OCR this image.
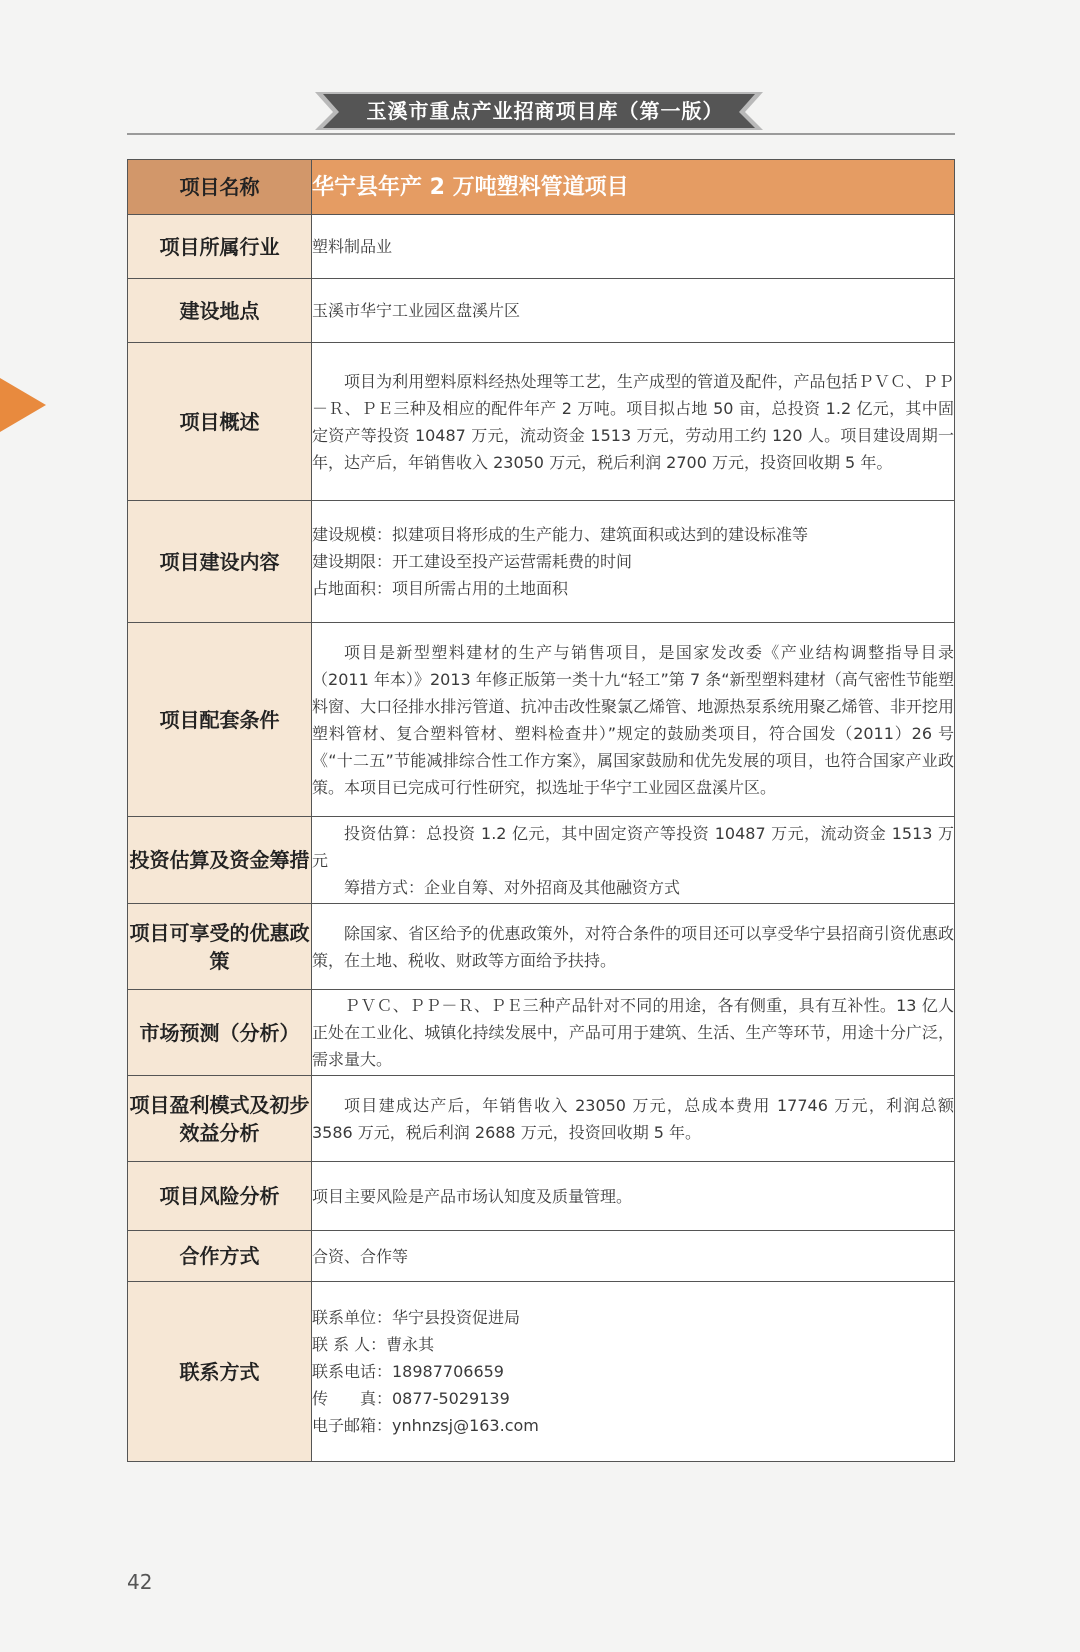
玉溪市重点产业招商项目库（第一版）
项目名称	华宁县年产 2 万吨塑料管道项目
项目所属行业	塑料制品业
建设地点	玉溪市华宁工业园区盘溪片区
项目概述	项目为利用塑料原料经热处理等工艺，生产成型的管道及配件，产品包括ＰＶＣ、ＰＰ－Ｒ、ＰＥ三种及相应的配件年产 2 万吨。项目拟占地 50 亩，总投资 1.2 亿元，其中固定资产等投资 10487 万元，流动资金 1513 万元，劳动用工约 120 人。项目建设周期一年，达产后，年销售收入 23050 万元，税后利润 2700 万元，投资回收期 5 年。
项目建设内容	建设规模：拟建项目将形成的生产能力、建筑面积或达到的建设标准等
建设期限：开工建设至投产运营需耗费的时间
占地面积：项目所需占用的土地面积

项目配套条件	项目是新型塑料建材的生产与销售项目，是国家发改委《产业结构调整指导目录（2011 年本）》2013 年修正版第一类十九“轻工”第 7 条“新型塑料建材（高气密性节能塑料窗、大口径排水排污管道、抗冲击改性聚氯乙烯管、地源热泵系统用聚乙烯管、非开挖用塑料管材、复合塑料管材、塑料检查井）”规定的鼓励类项目，符合国发（2011）26 号《“十二五”节能减排综合性工作方案》，属国家鼓励和优先发展的项目，也符合国家产业政策。本项目已完成可行性研究，拟选址于华宁工业园区盘溪片区。
投资估算及资金筹措	投资估算：总投资 1.2 亿元，其中固定资产等投资 10487 万元，流动资金 1513 万元
筹措方式：企业自筹、对外招商及其他融资方式

项目可享受的优惠政策	除国家、省区给予的优惠政策外，对符合条件的项目还可以享受华宁县招商引资优惠政策，在土地、税收、财政等方面给予扶持。
市场预测（分析）	ＰＶＣ、ＰＰ－Ｒ、ＰＥ三种产品针对不同的用途，各有侧重，具有互补性。13 亿人正处在工业化、城镇化持续发展中，产品可用于建筑、生活、生产等环节，用途十分广泛，需求量大。
项目盈利模式及初步效益分析	项目建成达产后，年销售收入 23050 万元，总成本费用 17746 万元，利润总额 3586 万元，税后利润 2688 万元，投资回收期 5 年。
项目风险分析	项目主要风险是产品市场认知度及质量管理。
合作方式	合资、合作等
联系方式	联系单位：华宁县投资促进局
联 系 人：曹永其
联系电话：18987706659
传　　真：0877-5029139
电子邮箱：ynhnzsj@163.com
42
